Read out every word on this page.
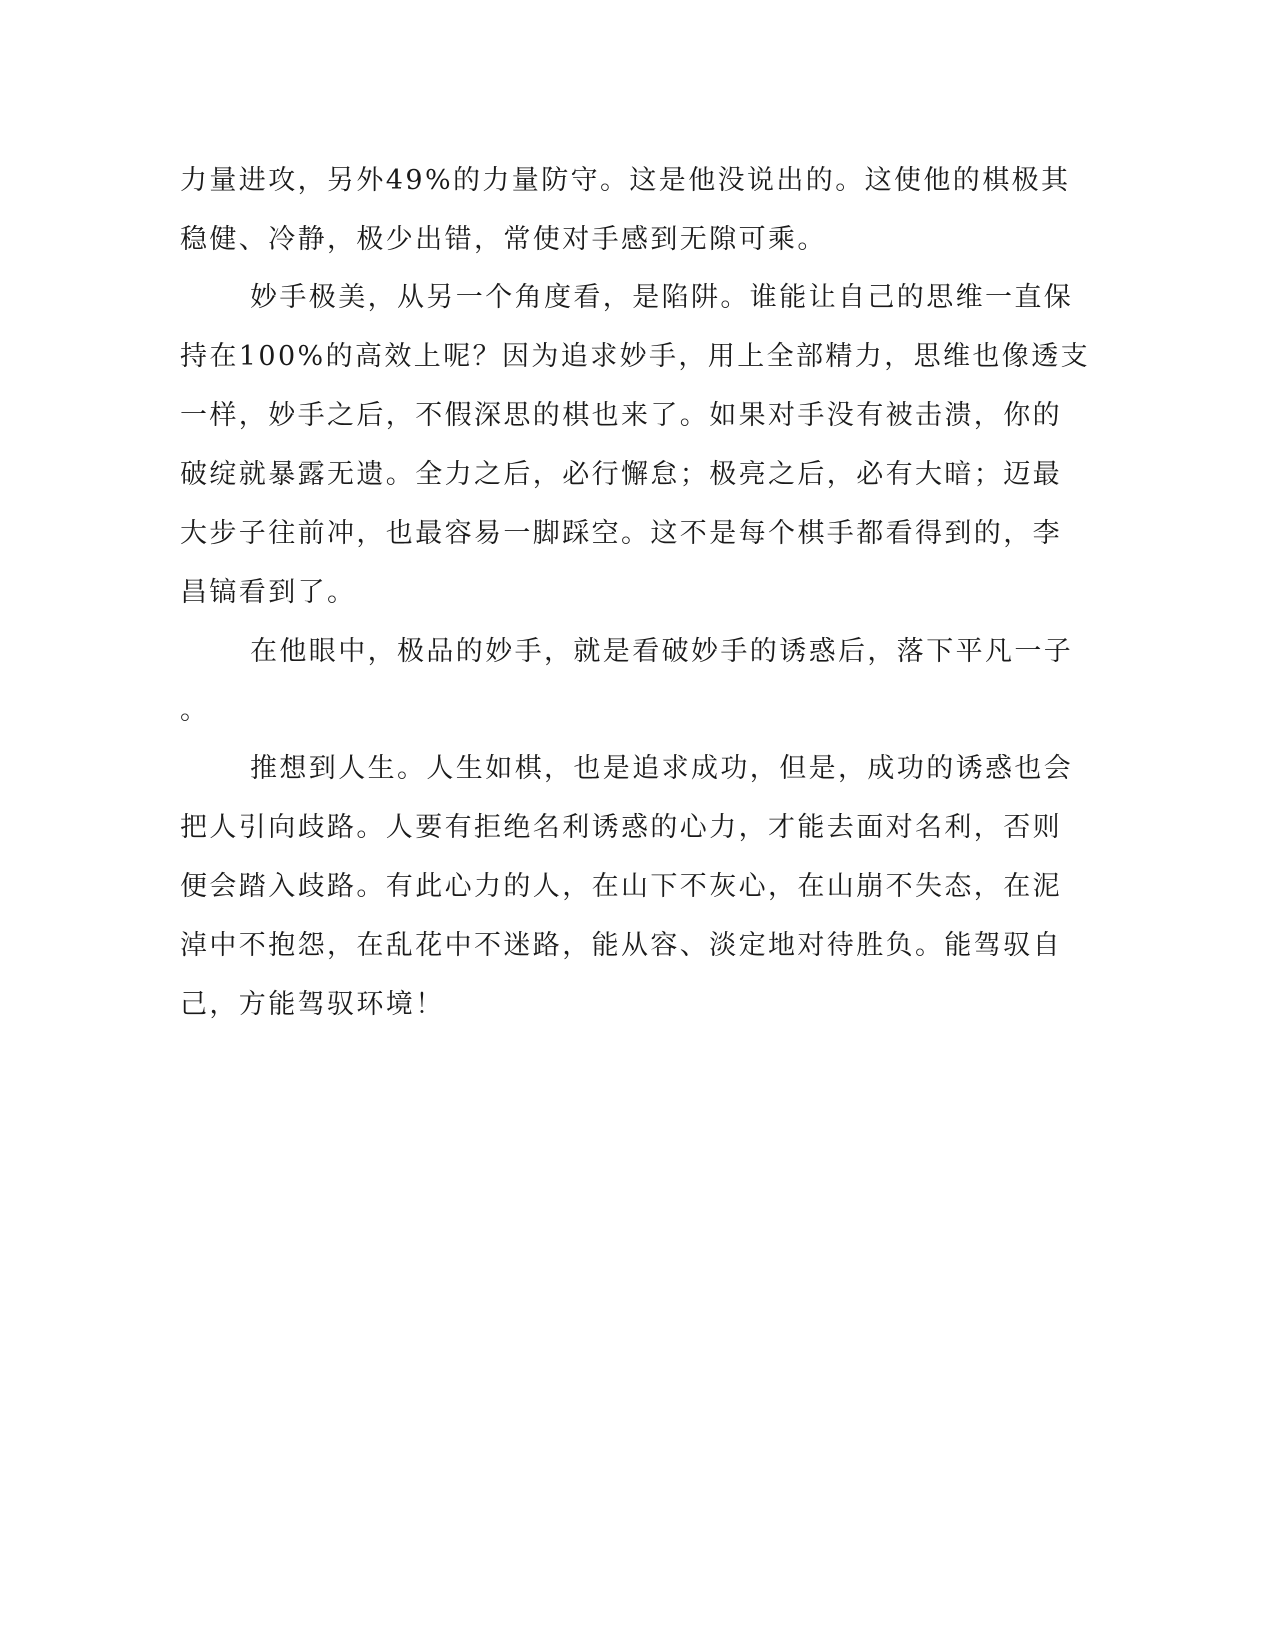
力量进攻，另外49%的力量防守。这是他没说出的。这使他的棋极其
稳健、冷静，极少出错，常使对手感到无隙可乘。
妙手极美，从另一个角度看，是陷阱。谁能让自己的思维一直保
持在100%的高效上呢？因为追求妙手，用上全部精力，思维也像透支
一样，妙手之后，不假深思的棋也来了。如果对手没有被击溃，你的
破绽就暴露无遗。全力之后，必行懈怠；极亮之后，必有大暗；迈最
大步子往前冲，也最容易一脚踩空。这不是每个棋手都看得到的，李
昌镐看到了。
在他眼中，极品的妙手，就是看破妙手的诱惑后，落下平凡一子
。
推想到人生。人生如棋，也是追求成功，但是，成功的诱惑也会
把人引向歧路。人要有拒绝名利诱惑的心力，才能去面对名利，否则
便会踏入歧路。有此心力的人，在山下不灰心，在山崩不失态，在泥
淖中不抱怨，在乱花中不迷路，能从容、淡定地对待胜负。能驾驭自
己，方能驾驭环境！
